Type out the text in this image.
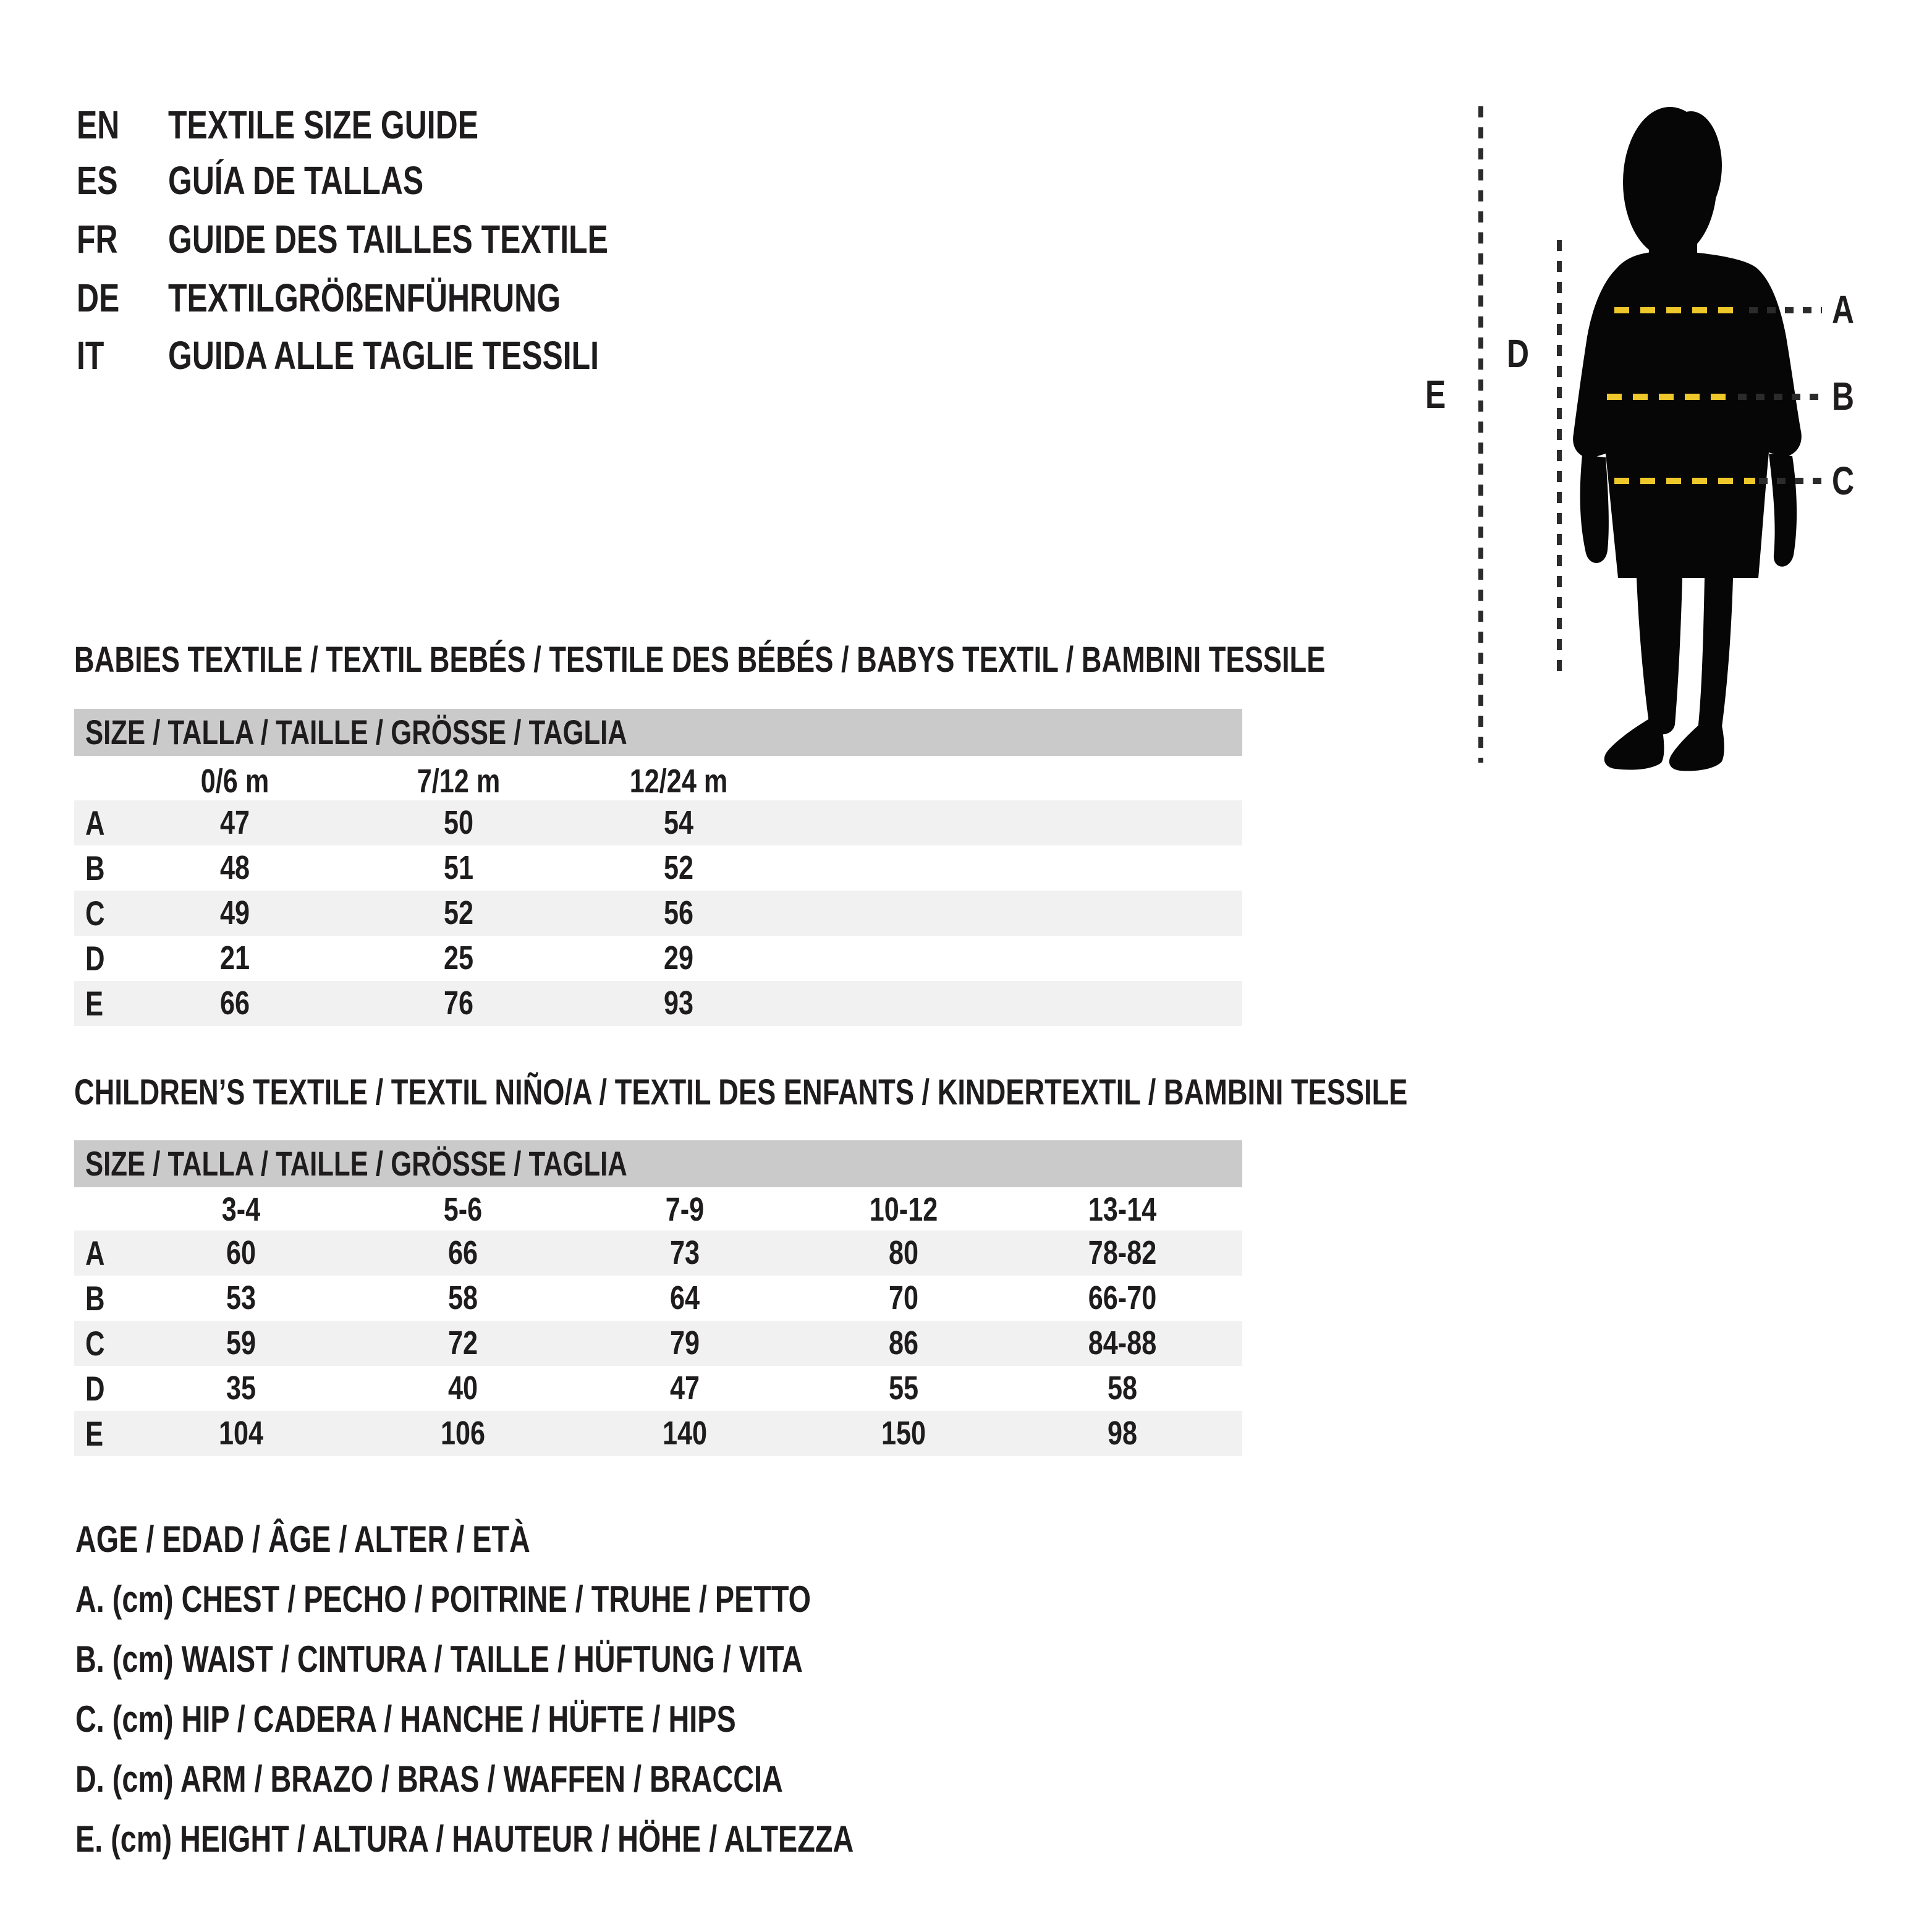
EN	TEXTILE SIZE GUIDE
ES GUÍA DE TALLAS
FR GUIDE DES TAILLES TEXTILE
DE	TEXTILGRÖßENFÜHRUNG
IT GUIDA ALLE TAGLIE TESSILI
A
B
C
D
E
BABIES TEXTILE / TEXTIL BEBÉS / TESTILE DES BÉBÉS / BABYS TEXTIL / BAMBINI TESSILE
SIZE / TALLA / TAILLE / GRÖSSE / TAGLIA
0/6 m	7/12 m	12/24 m
A	47	50	54
B	48	51	52
C	49	52	56
D	21	25	29
E	66	76	93
CHILDREN’S TEXTILE / TEXTIL NIÑO/A / TEXTIL DES ENFANTS / KINDERTEXTIL / BAMBINI TESSILE
SIZE / TALLA / TAILLE / GRÖSSE / TAGLIA
3-4	5-6	7-9	10-12	13-14
A	60	66	73	80	78-82
B	53	58	64	70	66-70
C	59	72	79	86	84-88
D	35	40	47	55	58
E	104	106	140	150	98
AGE / EDAD / ÂGE / ALTER / ETÀ
A. (cm) CHEST / PECHO / POITRINE / TRUHE / PETTO
B. (cm) WAIST / CINTURA / TAILLE / HÜFTUNG / VITA
C. (cm) HIP / CADERA / HANCHE / HÜFTE / HIPS
D. (cm) ARM / BRAZO / BRAS / WAFFEN / BRACCIA
E. (cm) HEIGHT / ALTURA / HAUTEUR / HÖHE / ALTEZZA
